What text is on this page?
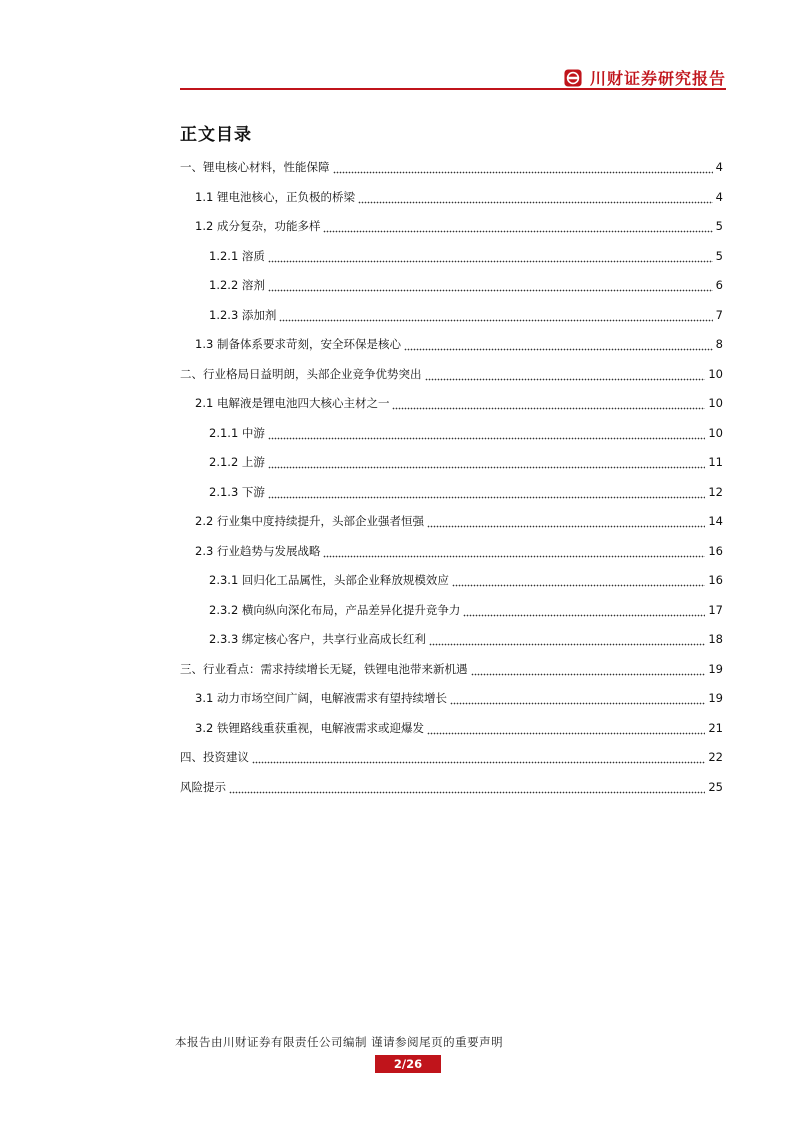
川财证券研究报告
正文目录
一、锂电核心材料，性能保障	4
1.1 锂电池核心，正负极的桥梁	4
1.2 成分复杂，功能多样	5
1.2.1 溶质	5
1.2.2 溶剂	6
1.2.3 添加剂	7
1.3 制备体系要求苛刻，安全环保是核心	8
二、行业格局日益明朗，头部企业竞争优势突出	10
2.1 电解液是锂电池四大核心主材之一	10
2.1.1 中游	10
2.1.2 上游	11
2.1.3 下游	12
2.2 行业集中度持续提升，头部企业强者恒强	14
2.3 行业趋势与发展战略	16
2.3.1 回归化工品属性，头部企业释放规模效应	16
2.3.2 横向纵向深化布局，产品差异化提升竞争力	17
2.3.3 绑定核心客户，共享行业高成长红利	18
三、行业看点：需求持续增长无疑，铁锂电池带来新机遇	19
3.1 动力市场空间广阔，电解液需求有望持续增长	19
3.2 铁锂路线重获重视，电解液需求或迎爆发	21
四、投资建议	22
风险提示	25
本报告由川财证券有限责任公司编制 谨请参阅尾页的重要声明
2/26
